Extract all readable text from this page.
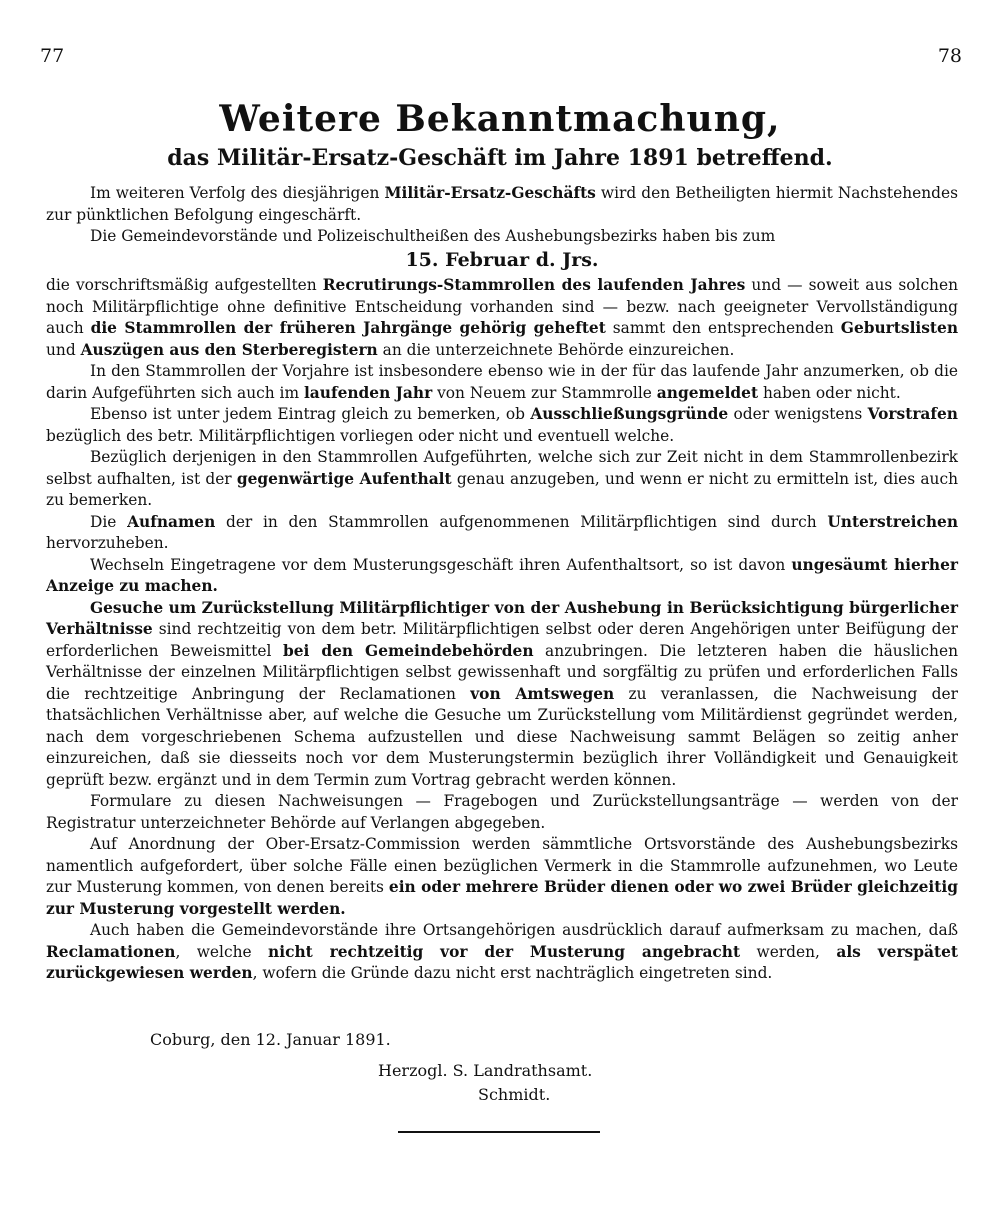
77	78
Weitere Bekanntmachung,
das Militär-Ersatz-Geschäft im Jahre 1891 betreffend.

Im weiteren Verfolg des diesjährigen Militär-Ersatz-Geschäfts wird den Betheiligten hiermit Nachstehendes zur pünktlichen Befolgung eingeschärft.

Die Gemeindevorstände und Polizeischultheißen des Aushebungsbezirks haben bis zum

15. Februar d. Jrs.

die vorschriftsmäßig aufgestellten Recrutirungs-Stammrollen des laufenden Jahres und — soweit aus solchen noch Militärpflichtige ohne definitive Entscheidung vorhanden sind — bezw. nach geeigneter Vervollständigung auch die Stammrollen der früheren Jahrgänge gehörig geheftet sammt den entsprechenden Geburtslisten und Auszügen aus den Sterberegistern an die unterzeichnete Behörde einzureichen.

In den Stammrollen der Vorjahre ist insbesondere ebenso wie in der für das laufende Jahr anzumerken, ob die darin Aufgeführten sich auch im laufenden Jahr von Neuem zur Stammrolle angemeldet haben oder nicht.

Ebenso ist unter jedem Eintrag gleich zu bemerken, ob Ausschließungsgründe oder wenigstens Vorstrafen bezüglich des betr. Militärpflichtigen vorliegen oder nicht und eventuell welche.

Bezüglich derjenigen in den Stammrollen Aufgeführten, welche sich zur Zeit nicht in dem Stammrollenbezirk selbst aufhalten, ist der gegenwärtige Aufenthalt genau anzugeben, und wenn er nicht zu ermitteln ist, dies auch zu bemerken.

Die Aufnamen der in den Stammrollen aufgenommenen Militärpflichtigen sind durch Unterstreichen hervorzuheben.

Wechseln Eingetragene vor dem Musterungsgeschäft ihren Aufenthaltsort, so ist davon ungesäumt hierher Anzeige zu machen.

Gesuche um Zurückstellung Militärpflichtiger von der Aushebung in Berücksichtigung bürgerlicher Verhältnisse sind rechtzeitig von dem betr. Militärpflichtigen selbst oder deren Angehörigen unter Beifügung der erforderlichen Beweismittel bei den Gemeindebehörden anzubringen. Die letzteren haben die häuslichen Verhältnisse der einzelnen Militärpflichtigen selbst gewissenhaft und sorgfältig zu prüfen und erforderlichen Falls die rechtzeitige Anbringung der Reclamationen von Amtswegen zu veranlassen, die Nachweisung der thatsächlichen Verhältnisse aber, auf welche die Gesuche um Zurückstellung vom Militärdienst gegründet werden, nach dem vorgeschriebenen Schema aufzustellen und diese Nachweisung sammt Belägen so zeitig anher einzureichen, daß sie diesseits noch vor dem Musterungstermin bezüglich ihrer Volländigkeit und Genauigkeit geprüft bezw. ergänzt und in dem Termin zum Vortrag gebracht werden können.

Formulare zu diesen Nachweisungen — Fragebogen und Zurückstellungsanträge — werden von der Registratur unterzeichneter Behörde auf Verlangen abgegeben.

Auf Anordnung der Ober-Ersatz-Commission werden sämmtliche Ortsvorstände des Aushebungsbezirks namentlich aufgefordert, über solche Fälle einen bezüglichen Vermerk in die Stammrolle aufzunehmen, wo Leute zur Musterung kommen, von denen bereits ein oder mehrere Brüder dienen oder wo zwei Brüder gleichzeitig zur Musterung vorgestellt werden.

Auch haben die Gemeindevorstände ihre Ortsangehörigen ausdrücklich darauf aufmerksam zu machen, daß Reclamationen, welche nicht rechtzeitig vor der Musterung angebracht werden, als verspätet zurückgewiesen werden, wofern die Gründe dazu nicht erst nachträglich eingetreten sind.

Coburg, den 12. Januar 1891.
Herzogl. S. Landrathsamt.
Schmidt.
